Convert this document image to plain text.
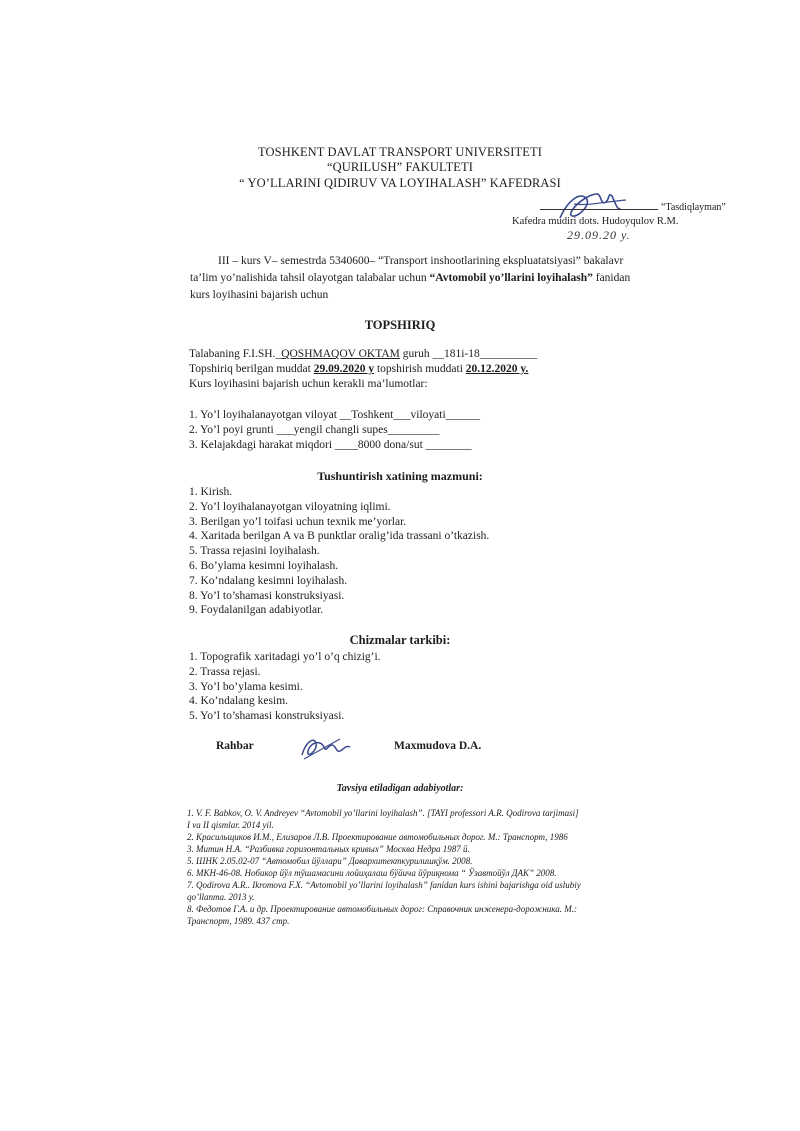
TOSHKENT DAVLAT TRANSPORT UNIVERSITETI
“QURILUSH” FAKULTETI
“ YO’LLARINI QIDIRUV VA LOYIHALASH” KAFEDRASI
“Tasdiqlayman”
Kafedra mudiri dots. Hudoyqulov R.M.
29.09.20 y.
III – kurs V– semestrda 5340600– “Transport inshootlarining ekspluatatsiyasi” bakalavr
ta’lim yo’nalishida tahsil olayotgan talabalar uchun “Avtomobil yo’llarini loyihalash” fanidan
kurs loyihasini bajarish uchun
TOPSHIRIQ
Talabaning F.I.SH._QOSHMAQOV OKTAM guruh __181i-18__________
Topshiriq berilgan muddat 29.09.2020 y topshirish muddati 20.12.2020 y.
Kurs loyihasini bajarish uchun kerakli ma’lumotlar:
1. Yo’l loyihalanayotgan viloyat __Toshkent___viloyati______
2. Yo’l poyi grunti ___yengil changli supes_________
3. Kelajakdagi harakat miqdori ____8000 dona/sut ________
Tushuntirish xatining mazmuni:
1. Kirish.
2. Yo’l loyihalanayotgan viloyatning iqlimi.
3. Berilgan yo’l toifasi uchun texnik me’yorlar.
4. Xaritada berilgan A va B punktlar oralig’ida trassani o’tkazish.
5. Trassa rejasini loyihalash.
6. Bo’ylama kesimni loyihalash.
7. Ko’ndalang kesimni loyihalash.
8. Yo’l to’shamasi konstruksiyasi.
9. Foydalanilgan adabiyotlar.
Chizmalar tarkibi:
1. Topografik xaritadagi yo’l o’q chizig’i.
2. Trassa rejasi.
3. Yo’l bo’ylama kesimi.
4. Ko’ndalang kesim.
5. Yo’l to’shamasi konstruksiyasi.
Rahbar	Maxmudova D.A.
Tavsiya etiladigan adabiyotlar:
1. V. F. Babkov, O. V. Andreyev “Avtomobil yo’llarini loyihalash”. [TAYI professori A.R. Qodirova tarjimasi]
I va II qismlar. 2014 yil.
2. Красильщиков И.М., Елизаров Л.В. Проектирование автомобильных дорог. М.: Транспорт, 1986
3. Митин Н.А. “Разбивка горизонтальных кривых” Москва Недра 1987 й.
5. ШНК 2.05.02-07 “Автомобил йўллари” Давархитекткурилишқўм. 2008.
6. МКН-46-08. Нобикор йўл тўшамасини лойиҳалаш бўйича йўриқнома “ Ўзавтойўл ДАК” 2008.
7. Qodirova A.R.. Ikromova F.X. “Avtomobil yo’llarini loyihalash” fanidan kurs ishini bajarishga oid uslubiy
qo’llanma. 2013 y.
8. Федотов Г.А. и др. Проектирование автомобильных дорог: Справочник инженера-дорожника. М.:
Транспорт, 1989. 437 стр.
